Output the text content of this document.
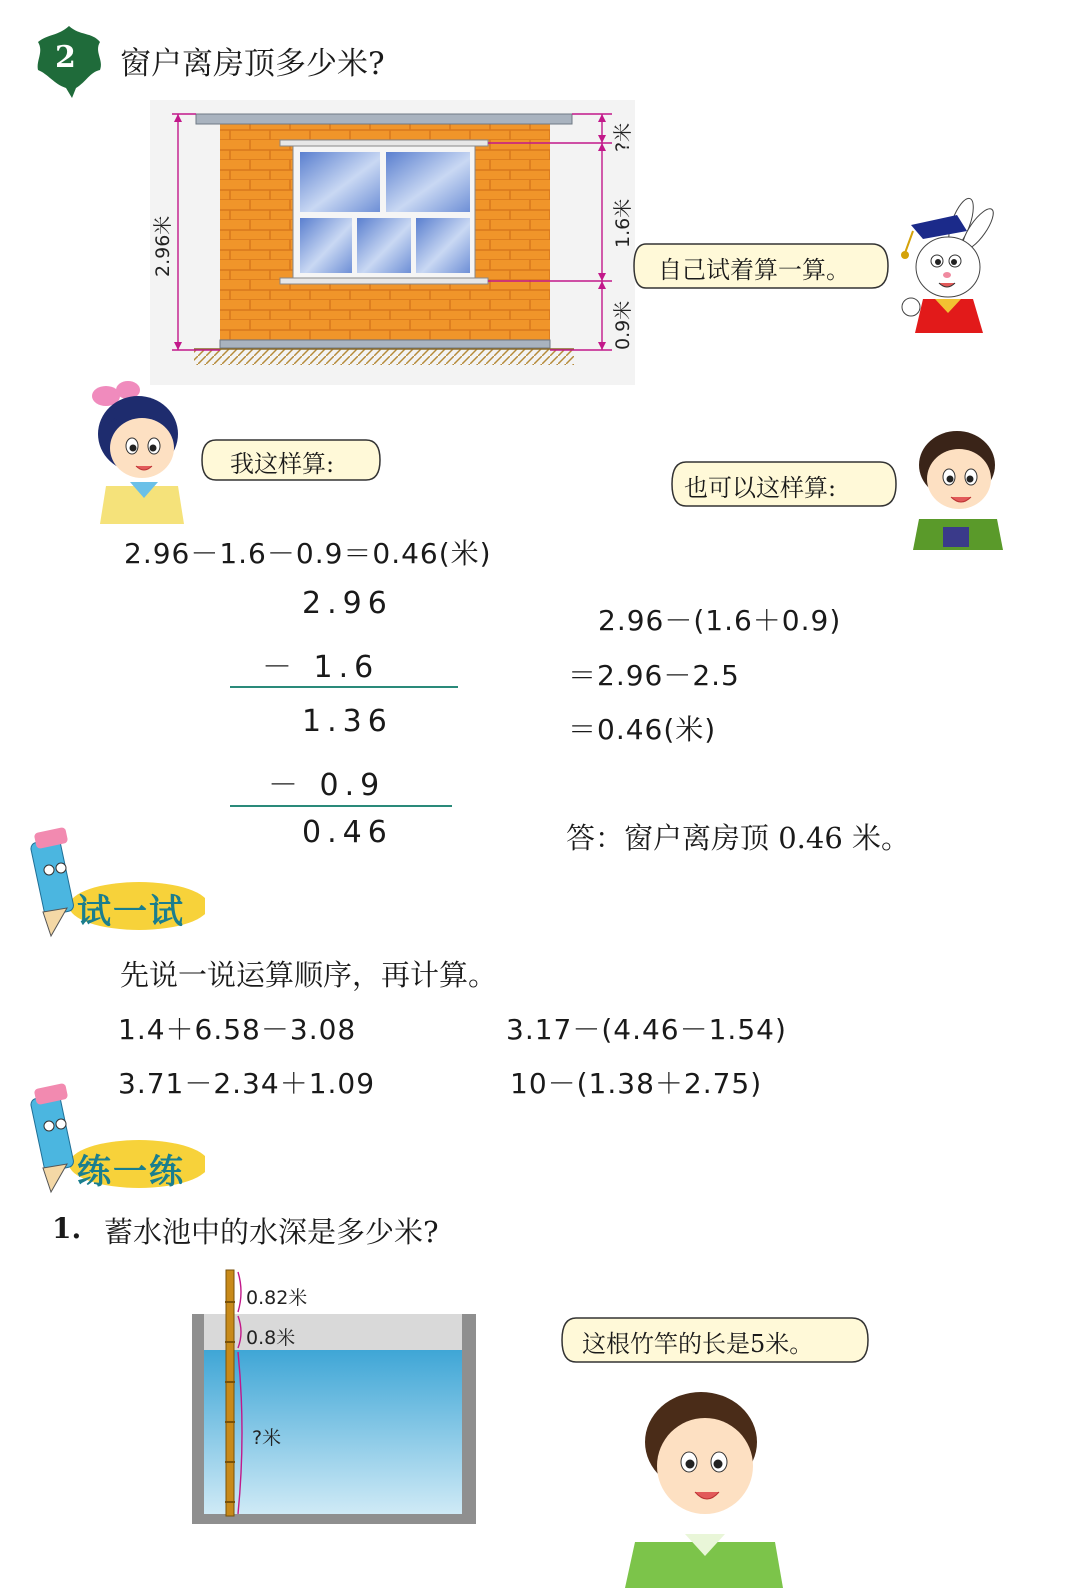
2 窗户离房顶多少米?
2.96米
?米
1.6米
0.9米
自己试着算一算。
我这样算:
也可以这样算:
2.96－1.6－0.9＝0.46(米)
2.96
－ 1.6
1.36
－ 0.9
0.46
2.96－(1.6＋0.9)
＝2.96－2.5
＝0.46(米)
答：窗户离房顶 0.46 米。
试一试
先说一说运算顺序，再计算。
1.4＋6.58－3.08	3.17－(4.46－1.54)
3.71－2.34＋1.09	10－(1.38＋2.75)
练一练
1. 蓄水池中的水深是多少米?
0.82米
0.8米
?米
这根竹竿的长是5米。
